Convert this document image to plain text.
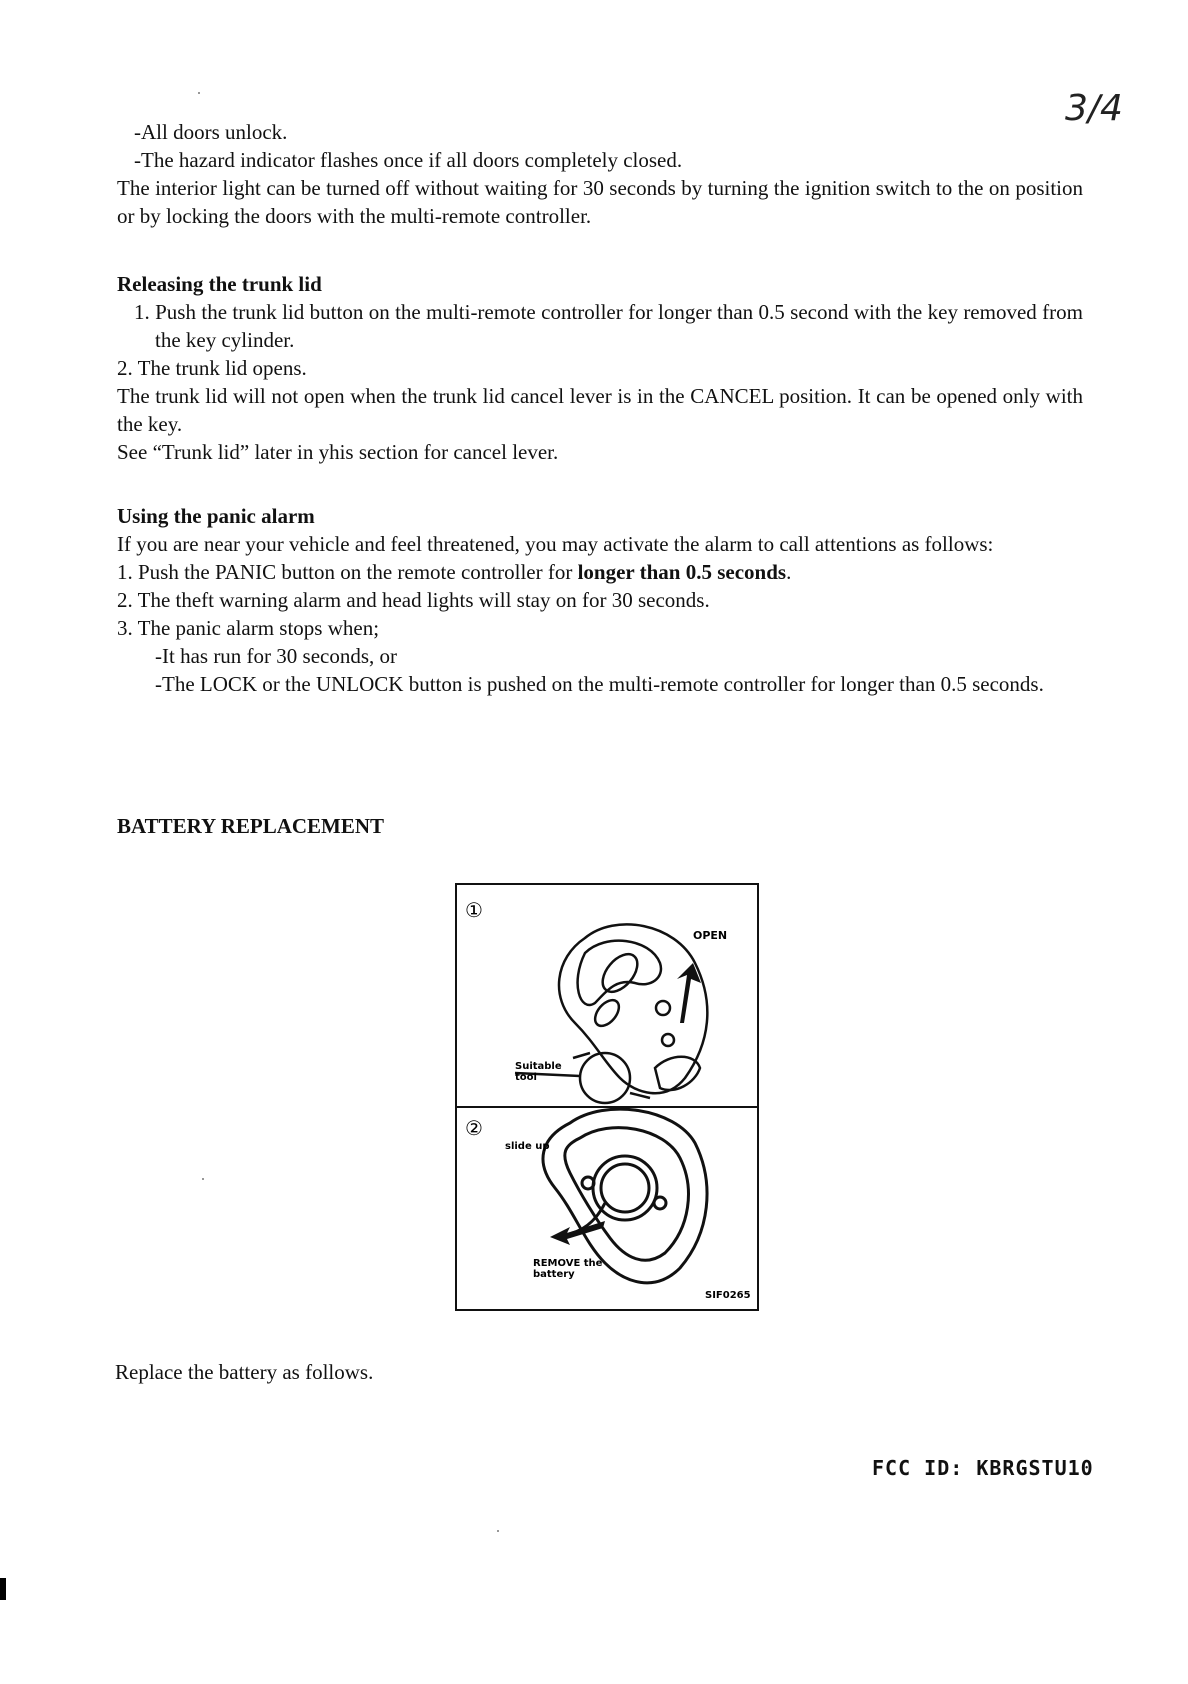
3/4

-All doors unlock.

-The hazard indicator flashes once if all doors completely closed.

The interior light can be turned off without waiting for 30 seconds by turning the ignition switch to the on position or by locking the doors with the multi-remote controller.

Releasing the trunk lid

1. Push the trunk lid button on the multi-remote controller for longer than 0.5 second with the key removed from the key cylinder.

2. The trunk lid opens.

The trunk lid will not open when the trunk lid cancel lever is in the CANCEL position. It can be opened only with the key.

See “Trunk lid” later in yhis section for cancel lever.

Using the panic alarm

If you are near your vehicle and feel threatened, you may activate the alarm to call attentions as follows:

1. Push the PANIC button on the remote controller for longer than 0.5 seconds.

2. The theft warning alarm and head lights will stay on for 30 seconds.

3. The panic alarm stops when;

-It has run for 30 seconds, or

-The LOCK or the UNLOCK button is pushed on the multi-remote controller for longer than 0.5 seconds.

BATTERY REPLACEMENT

①
OPEN
Suitable
tool
②
slide up
REMOVE the
battery
SIF0265
Replace the battery as follows.
FCC ID: KBRGSTU10
